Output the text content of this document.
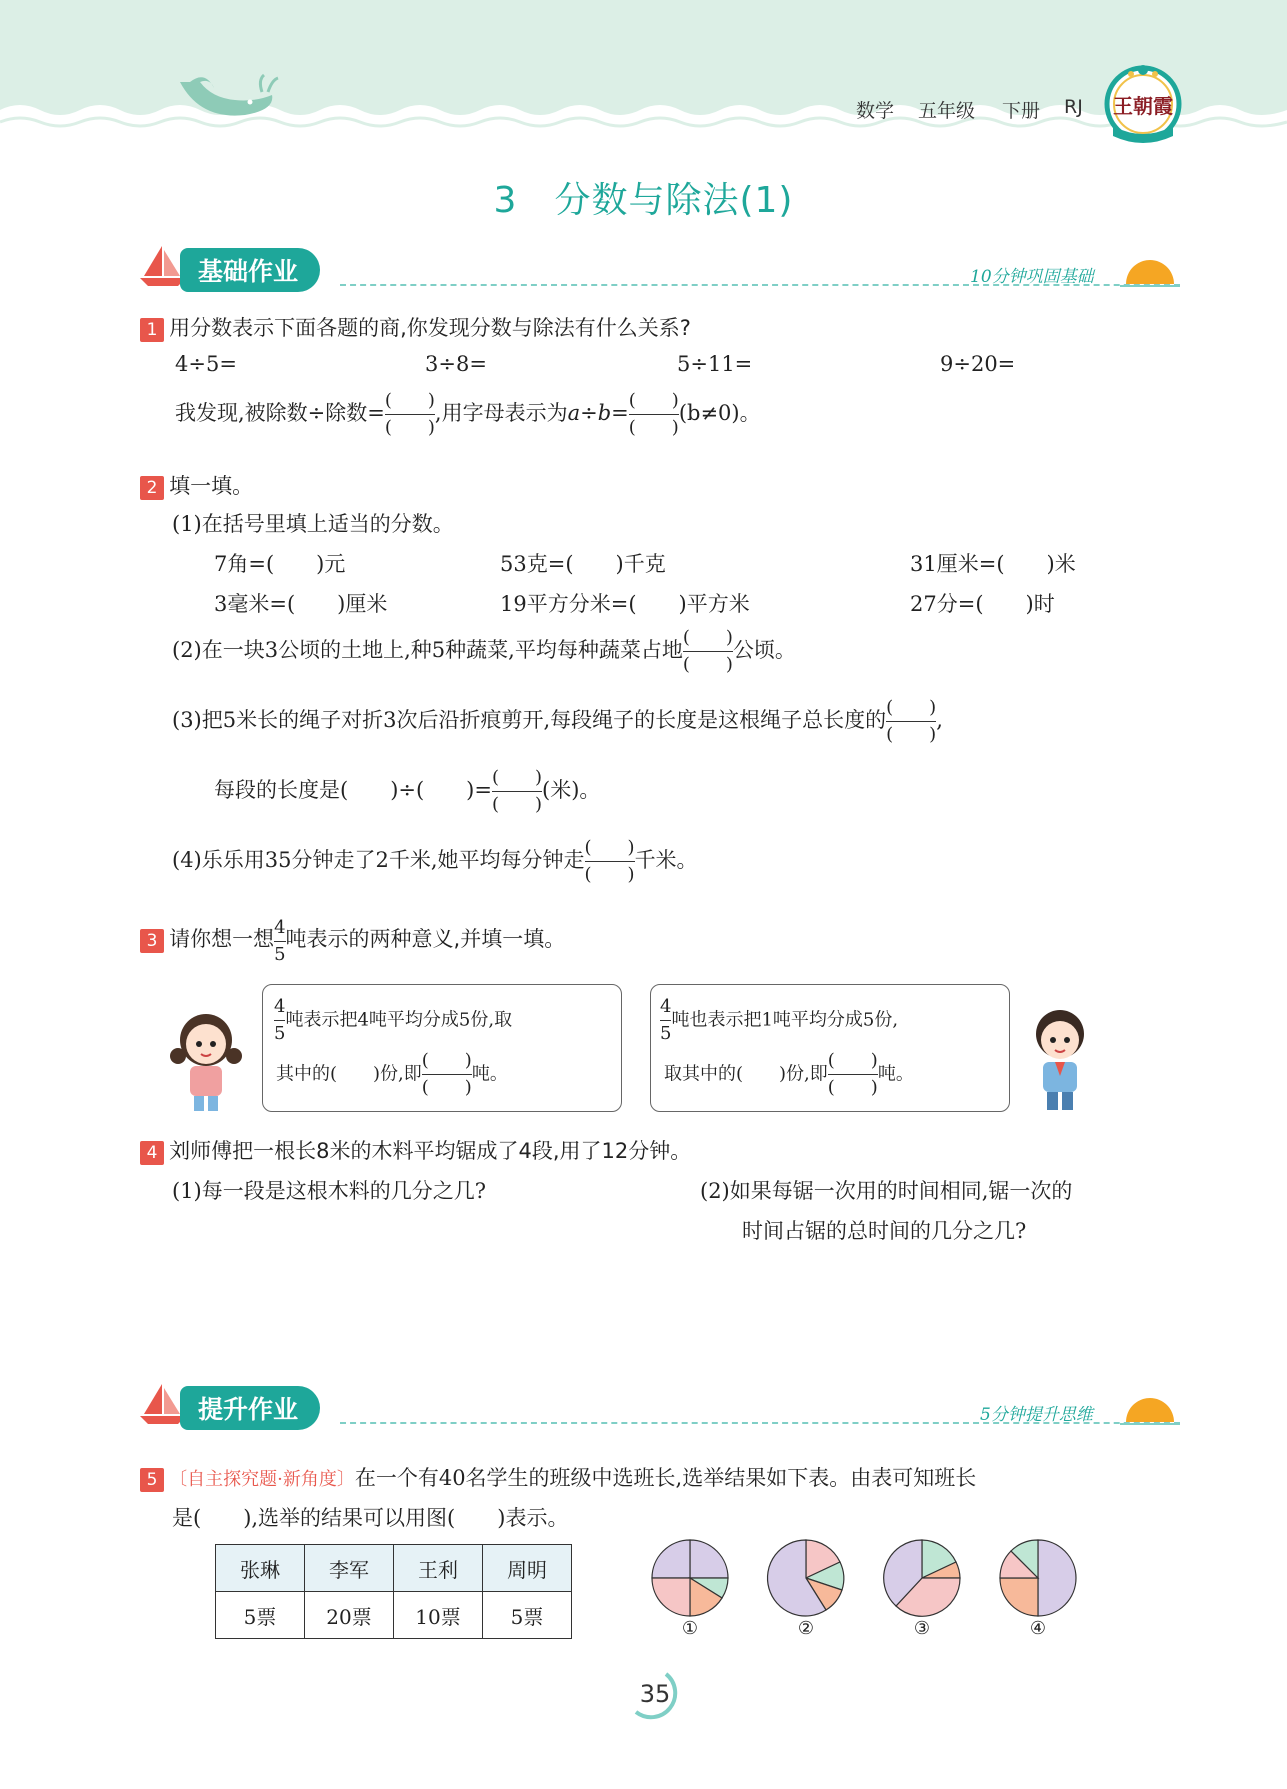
数学 五年级 下册 RJ 王朝霞
3　分数与除法(1)
基础作业	10分钟巩固基础
1 用分数表示下面各题的商,你发现分数与除法有什么关系?
4÷5=	3÷8=	5÷11=	9÷20=
我发现,被除数÷除数= $\frac{( )}{( )}$ ,用字母表示为$a\div b= \frac{( )}{( )} (b\ne 0)$。
2 填一填。
(1)在括号里填上适当的分数。
7角=(　　)元	53克=(　　)千克	31厘米=(　　)米
3毫米=(　　)厘米	19平方分米=(　　)平方米	27分=(　　)时
(2)在一块3公顷的土地上,种5种蔬菜,平均每种蔬菜占地 $\frac{( )}{( )}$ 公顷。
(3)把5米长的绳子对折3次后沿折痕剪开,每段绳子的长度是这根绳子总长度的 $\frac{( )}{( )}$ ,
每段的长度是(　　)÷(　　)= $\frac{( )}{( )}$ (米)。
(4)乐乐用35分钟走了2千米,她平均每分钟走 $\frac{( )}{( )}$ 千米。
3 请你想一想 $\frac{4}{5}$ 吨表示的两种意义,并填一填。
$\frac{4}{5}$ 吨表示把4吨平均分成5份,取
其中的(　　)份,即 $\frac{( )}{( )}$ 吨。
$\frac{4}{5}$ 吨也表示把1吨平均分成5份,
取其中的(　　)份,即 $\frac{( )}{( )}$ 吨。
4 刘师傅把一根长8米的木料平均锯成了4段,用了12分钟。
(1)每一段是这根木料的几分之几?	(2)如果每锯一次用的时间相同,锯一次的
时间占锯的总时间的几分之几?
提升作业	5分钟提升思维
5 〔自主探究题·新角度〕在一个有40名学生的班级中选班长,选举结果如下表。由表可知班长
是(　　),选举的结果可以用图(　　)表示。
张琳	李军	王利	周明
5票	20票	10票	5票	①	②	③	④
35
